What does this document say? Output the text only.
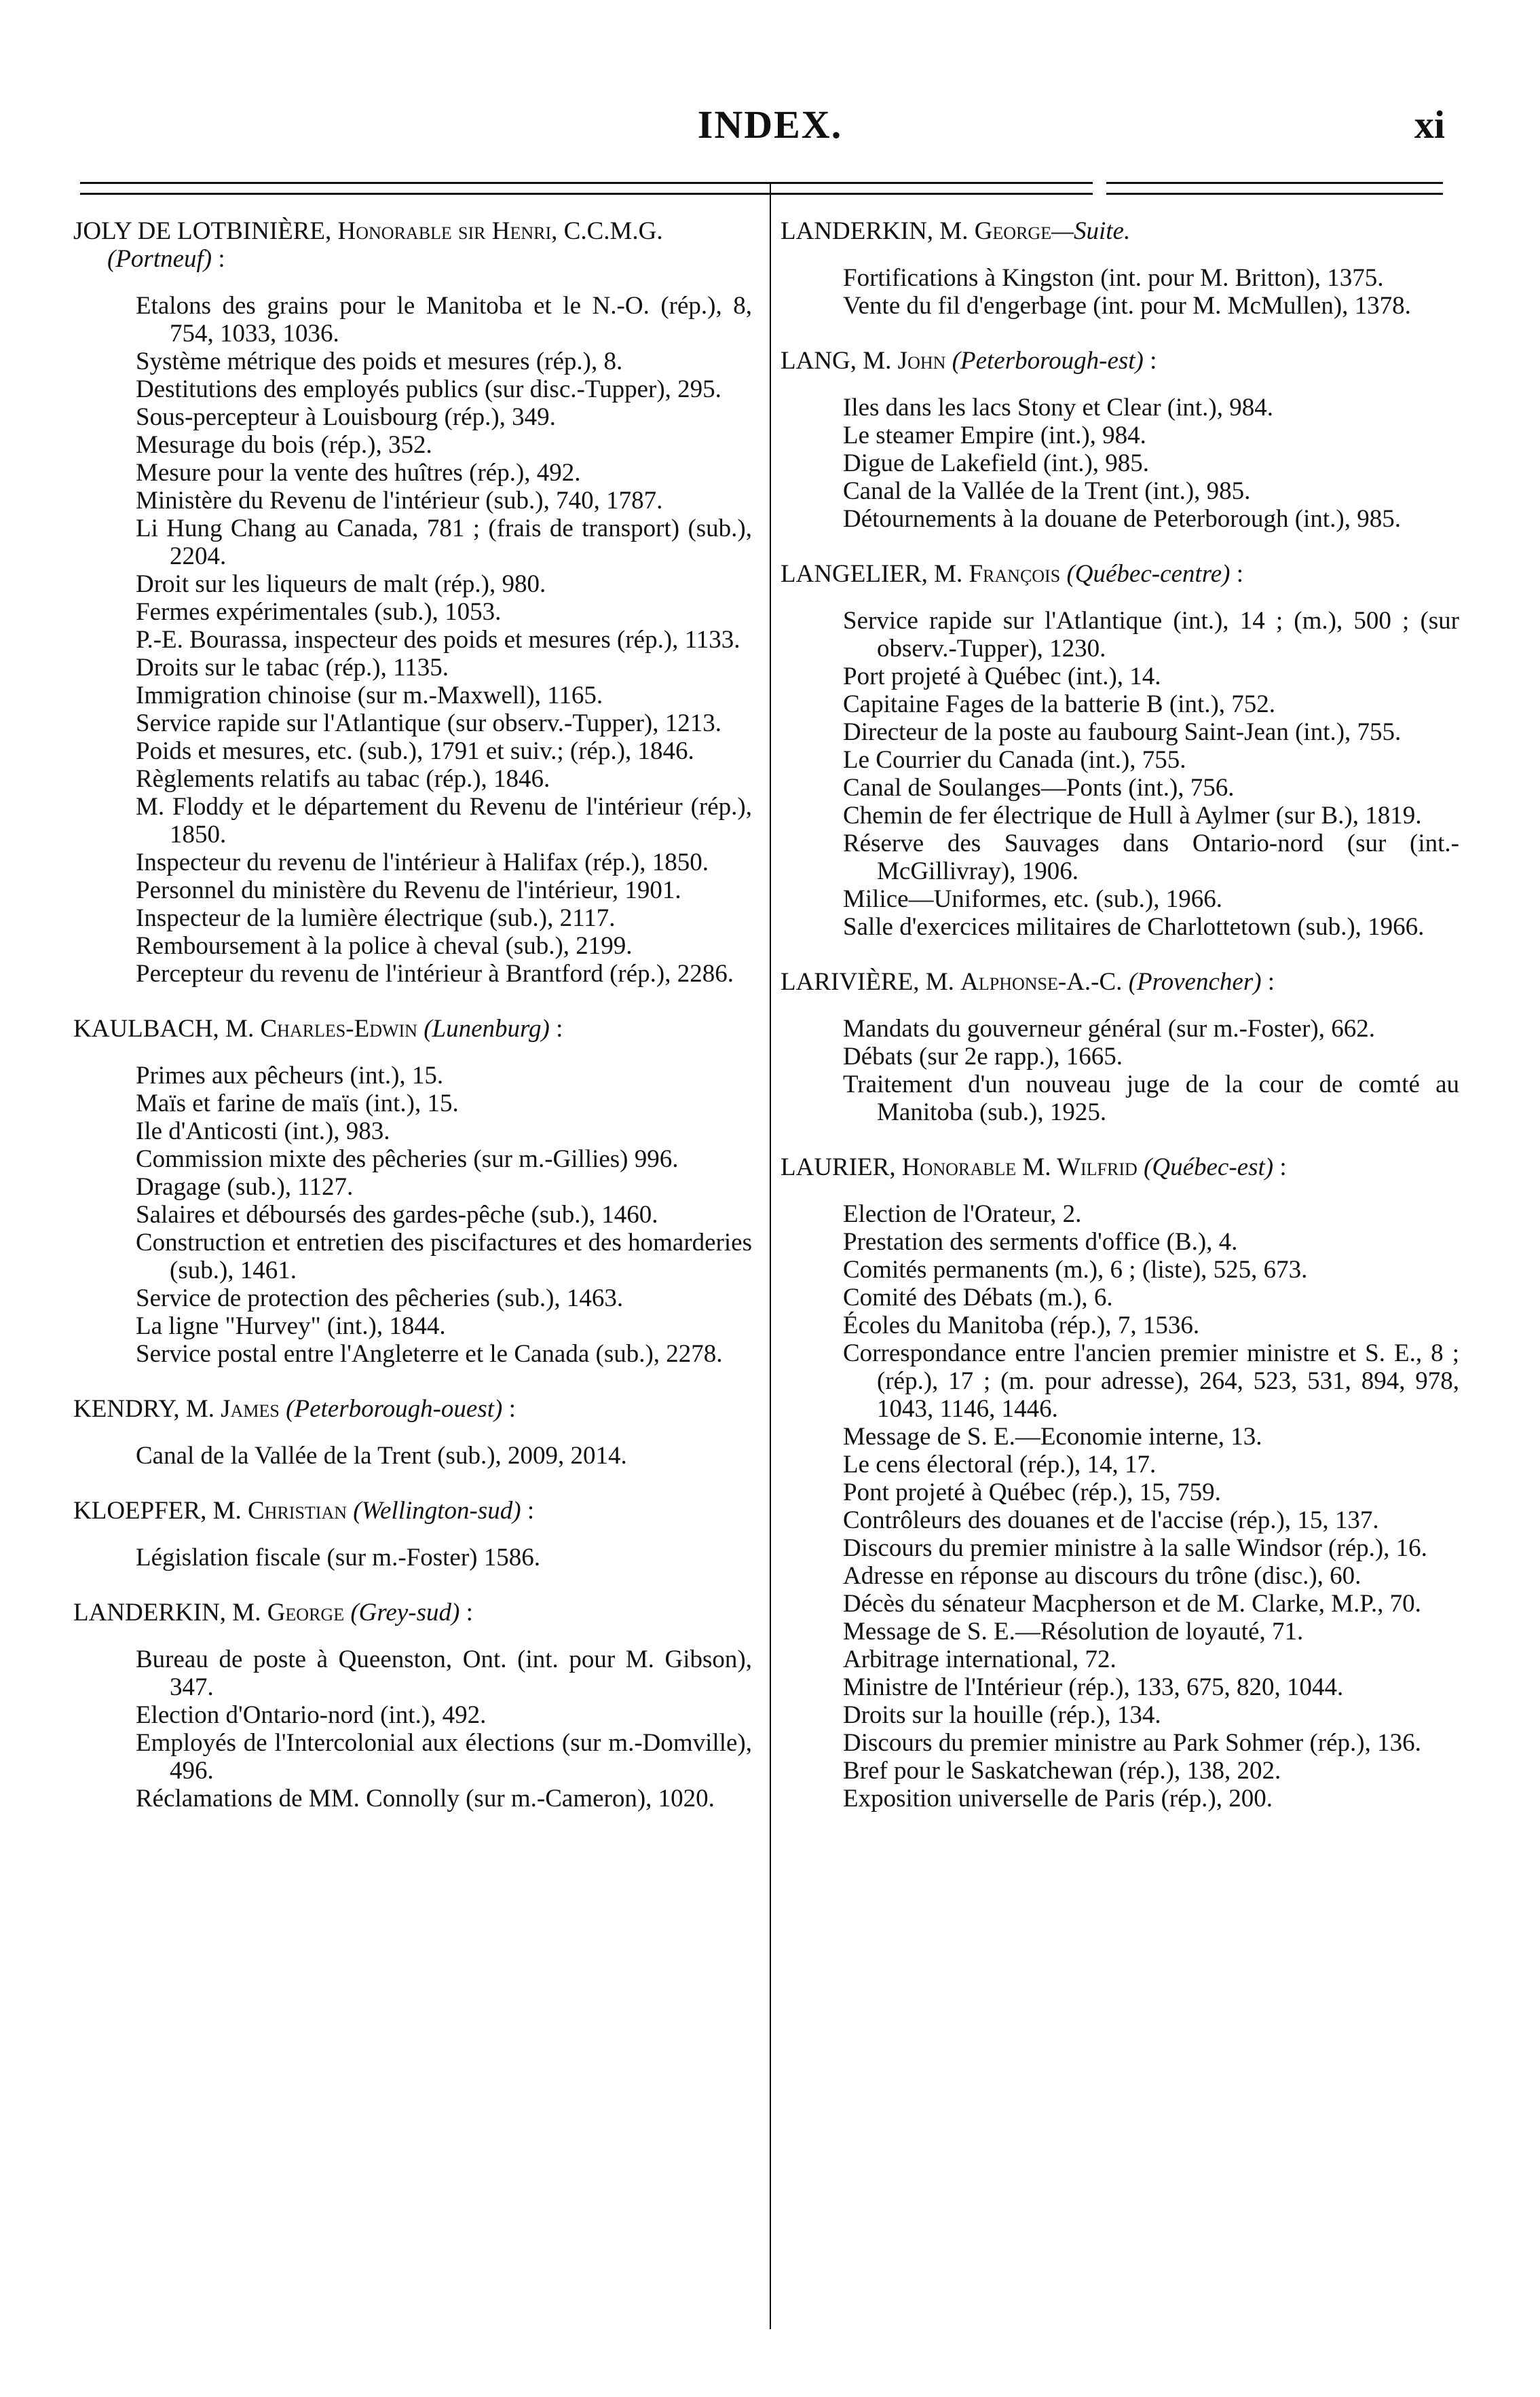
INDEX.	xi
JOLY DE LOTBINIÈRE, Honorable sir Henri, C.C.M.G. (Portneuf) :
Etalons des grains pour le Manitoba et le N.-O. (rép.), 8, 754, 1033, 1036.
Système métrique des poids et mesures (rép.), 8.
Destitutions des employés publics (sur disc.-Tupper), 295.
Sous-percepteur à Louisbourg (rép.), 349.
Mesurage du bois (rép.), 352.
Mesure pour la vente des huîtres (rép.), 492.
Ministère du Revenu de l'intérieur (sub.), 740, 1787.
Li Hung Chang au Canada, 781 ; (frais de transport) (sub.), 2204.
Droit sur les liqueurs de malt (rép.), 980.
Fermes expérimentales (sub.), 1053.
P.-E. Bourassa, inspecteur des poids et mesures (rép.), 1133.
Droits sur le tabac (rép.), 1135.
Immigration chinoise (sur m.-Maxwell), 1165.
Service rapide sur l'Atlantique (sur observ.-Tupper), 1213.
Poids et mesures, etc. (sub.), 1791 et suiv.; (rép.), 1846.
Règlements relatifs au tabac (rép.), 1846.
M. Floddy et le département du Revenu de l'intérieur (rép.), 1850.
Inspecteur du revenu de l'intérieur à Halifax (rép.), 1850.
Personnel du ministère du Revenu de l'intérieur, 1901.
Inspecteur de la lumière électrique (sub.), 2117.
Remboursement à la police à cheval (sub.), 2199.
Percepteur du revenu de l'intérieur à Brantford (rép.), 2286.
KAULBACH, M. Charles-Edwin (Lunenburg) :
Primes aux pêcheurs (int.), 15.
Maïs et farine de maïs (int.), 15.
Ile d'Anticosti (int.), 983.
Commission mixte des pêcheries (sur m.-Gillies) 996.
Dragage (sub.), 1127.
Salaires et déboursés des gardes-pêche (sub.), 1460.
Construction et entretien des piscifactures et des homarderies (sub.), 1461.
Service de protection des pêcheries (sub.), 1463.
La ligne "Hurvey" (int.), 1844.
Service postal entre l'Angleterre et le Canada (sub.), 2278.
KENDRY, M. James (Peterborough-ouest) :
Canal de la Vallée de la Trent (sub.), 2009, 2014.
KLOEPFER, M. Christian (Wellington-sud) :
Législation fiscale (sur m.-Foster) 1586.
LANDERKIN, M. George (Grey-sud) :
Bureau de poste à Queenston, Ont. (int. pour M. Gibson), 347.
Election d'Ontario-nord (int.), 492.
Employés de l'Intercolonial aux élections (sur m.-Domville), 496.
Réclamations de MM. Connolly (sur m.-Cameron), 1020.
LANDERKIN, M. George—Suite.
Fortifications à Kingston (int. pour M. Britton), 1375.
Vente du fil d'engerbage (int. pour M. McMullen), 1378.
LANG, M. John (Peterborough-est) :
Iles dans les lacs Stony et Clear (int.), 984.
Le steamer Empire (int.), 984.
Digue de Lakefield (int.), 985.
Canal de la Vallée de la Trent (int.), 985.
Détournements à la douane de Peterborough (int.), 985.
LANGELIER, M. François (Québec-centre) :
Service rapide sur l'Atlantique (int.), 14 ; (m.), 500 ; (sur observ.-Tupper), 1230.
Port projeté à Québec (int.), 14.
Capitaine Fages de la batterie B (int.), 752.
Directeur de la poste au faubourg Saint-Jean (int.), 755.
Le Courrier du Canada (int.), 755.
Canal de Soulanges—Ponts (int.), 756.
Chemin de fer électrique de Hull à Aylmer (sur B.), 1819.
Réserve des Sauvages dans Ontario-nord (sur (int.-McGillivray), 1906.
Milice—Uniformes, etc. (sub.), 1966.
Salle d'exercices militaires de Charlottetown (sub.), 1966.
LARIVIÈRE, M. Alphonse-A.-C. (Provencher) :
Mandats du gouverneur général (sur m.-Foster), 662.
Débats (sur 2e rapp.), 1665.
Traitement d'un nouveau juge de la cour de comté au Manitoba (sub.), 1925.
LAURIER, Honorable M. Wilfrid (Québec-est) :
Election de l'Orateur, 2.
Prestation des serments d'office (B.), 4.
Comités permanents (m.), 6 ; (liste), 525, 673.
Comité des Débats (m.), 6.
Écoles du Manitoba (rép.), 7, 1536.
Correspondance entre l'ancien premier ministre et S. E., 8 ; (rép.), 17 ; (m. pour adresse), 264, 523, 531, 894, 978, 1043, 1146, 1446.
Message de S. E.—Economie interne, 13.
Le cens électoral (rép.), 14, 17.
Pont projeté à Québec (rép.), 15, 759.
Contrôleurs des douanes et de l'accise (rép.), 15, 137.
Discours du premier ministre à la salle Windsor (rép.), 16.
Adresse en réponse au discours du trône (disc.), 60.
Décès du sénateur Macpherson et de M. Clarke, M.P., 70.
Message de S. E.—Résolution de loyauté, 71.
Arbitrage international, 72.
Ministre de l'Intérieur (rép.), 133, 675, 820, 1044.
Droits sur la houille (rép.), 134.
Discours du premier ministre au Park Sohmer (rép.), 136.
Bref pour le Saskatchewan (rép.), 138, 202.
Exposition universelle de Paris (rép.), 200.
